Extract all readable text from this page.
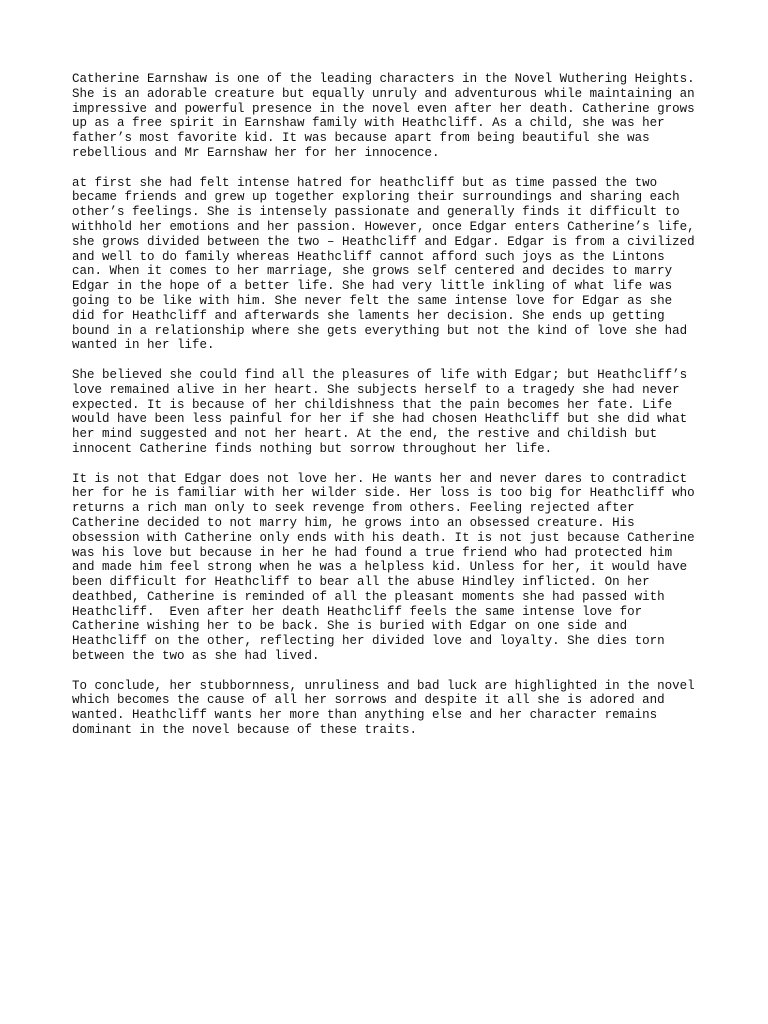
Catherine Earnshaw is one of the leading characters in the Novel Wuthering Heights.
She is an adorable creature but equally unruly and adventurous while maintaining an
impressive and powerful presence in the novel even after her death. Catherine grows
up as a free spirit in Earnshaw family with Heathcliff. As a child, she was her
father’s most favorite kid. It was because apart from being beautiful she was
rebellious and Mr Earnshaw her for her innocence.

at first she had felt intense hatred for heathcliff but as time passed the two
became friends and grew up together exploring their surroundings and sharing each
other’s feelings. She is intensely passionate and generally finds it difficult to
withhold her emotions and her passion. However, once Edgar enters Catherine’s life,
she grows divided between the two – Heathcliff and Edgar. Edgar is from a civilized
and well to do family whereas Heathcliff cannot afford such joys as the Lintons
can. When it comes to her marriage, she grows self centered and decides to marry
Edgar in the hope of a better life. She had very little inkling of what life was
going to be like with him. She never felt the same intense love for Edgar as she
did for Heathcliff and afterwards she laments her decision. She ends up getting
bound in a relationship where she gets everything but not the kind of love she had
wanted in her life.

She believed she could find all the pleasures of life with Edgar; but Heathcliff’s
love remained alive in her heart. She subjects herself to a tragedy she had never
expected. It is because of her childishness that the pain becomes her fate. Life
would have been less painful for her if she had chosen Heathcliff but she did what
her mind suggested and not her heart. At the end, the restive and childish but
innocent Catherine finds nothing but sorrow throughout her life.

It is not that Edgar does not love her. He wants her and never dares to contradict
her for he is familiar with her wilder side. Her loss is too big for Heathcliff who
returns a rich man only to seek revenge from others. Feeling rejected after
Catherine decided to not marry him, he grows into an obsessed creature. His
obsession with Catherine only ends with his death. It is not just because Catherine
was his love but because in her he had found a true friend who had protected him
and made him feel strong when he was a helpless kid. Unless for her, it would have
been difficult for Heathcliff to bear all the abuse Hindley inflicted. On her
deathbed, Catherine is reminded of all the pleasant moments she had passed with
Heathcliff.  Even after her death Heathcliff feels the same intense love for
Catherine wishing her to be back. She is buried with Edgar on one side and
Heathcliff on the other, reflecting her divided love and loyalty. She dies torn
between the two as she had lived.

To conclude, her stubbornness, unruliness and bad luck are highlighted in the novel
which becomes the cause of all her sorrows and despite it all she is adored and
wanted. Heathcliff wants her more than anything else and her character remains
dominant in the novel because of these traits.
